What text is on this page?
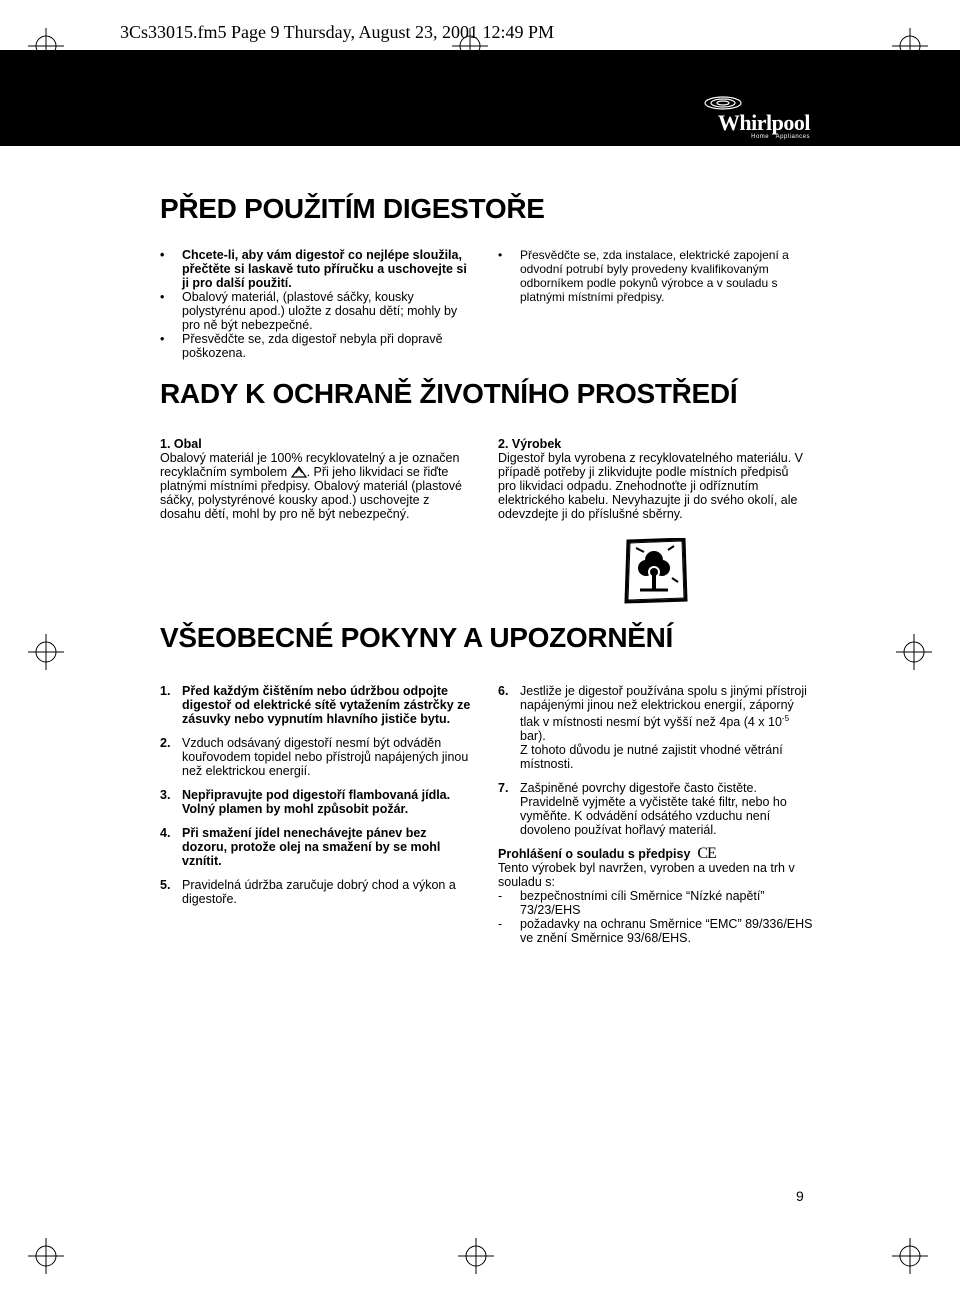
3Cs33015.fm5 Page 9 Thursday, August 23, 2001 12:49 PM
Whirlpool
Home Appliances
PŘED POUŽITÍM DIGESTOŘE
• Chcete-li, aby vám digestoř co nejlépe sloužila, přečtěte si laskavě tuto příručku a uschovejte si ji pro další použití.
• Obalový materiál, (plastové sáčky, kousky polystyrénu apod.) uložte z dosahu dětí; mohly by pro ně být nebezpečné.
• Přesvědčte se, zda digestoř nebyla při dopravě poškozena.
• Přesvědčte se, zda instalace, elektrické zapojení a odvodní potrubí byly provedeny kvalifikovaným odborníkem podle pokynů výrobce a v souladu s platnými místními předpisy.
RADY K OCHRANĚ ŽIVOTNÍHO PROSTŘEDÍ
1. Obal
Obalový materiál je 100% recyklovatelný a je označen recyklačním symbolem . Při jeho likvidaci se řiďte platnými místními předpisy. Obalový materiál (plastové sáčky, polystyrénové kousky apod.) uschovejte z dosahu dětí, mohl by pro ně být nebezpečný.
2. Výrobek
Digestoř byla vyrobena z recyklovatelného materiálu. V případě potřeby ji zlikvidujte podle místních předpisů pro likvidaci odpadu. Znehodnoťte ji odříznutím elektrického kabelu. Nevyhazujte ji do svého okolí, ale odevzdejte ji do příslušné sběrny.
VŠEOBECNÉ POKYNY A UPOZORNĚNÍ
1. Před každým čištěním nebo údržbou odpojte digestoř od elektrické sítě vytažením zástrčky ze zásuvky nebo vypnutím hlavního jističe bytu.
2. Vzduch odsávaný digestoří nesmí být odváděn kouřovodem topidel nebo přístrojů napájených jinou než elektrickou energií.
3. Nepřipravujte pod digestoří flambovaná jídla. Volný plamen by mohl způsobit požár.
4. Při smažení jídel nenechávejte pánev bez dozoru, protože olej na smažení by se mohl vznítit.
5. Pravidelná údržba zaručuje dobrý chod a výkon a digestoře.
6. Jestliže je digestoř používána spolu s jinými přístroji napájenými jinou než elektrickou energií, záporný tlak v místnosti nesmí být vyšší než 4pa (4 x $10^{-5}$ bar).
Z tohoto důvodu je nutné zajistit vhodné větrání místnosti.
7. Zašpiněné povrchy digestoře často čistěte. Pravidelně vyjměte a vyčistěte také filtr, nebo ho vyměňte. K odvádění odsátého vzduchu není dovoleno používat hořlavý materiál.
Prohlášení o souladu s předpisy CE
Tento výrobek byl navržen, vyroben a uveden na trh v souladu s:
- bezpečnostními cíli Směrnice “Nízké napětí” 73/23/EHS
- požadavky na ochranu Směrnice “EMC” 89/336/EHS ve znění Směrnice 93/68/EHS.
9
